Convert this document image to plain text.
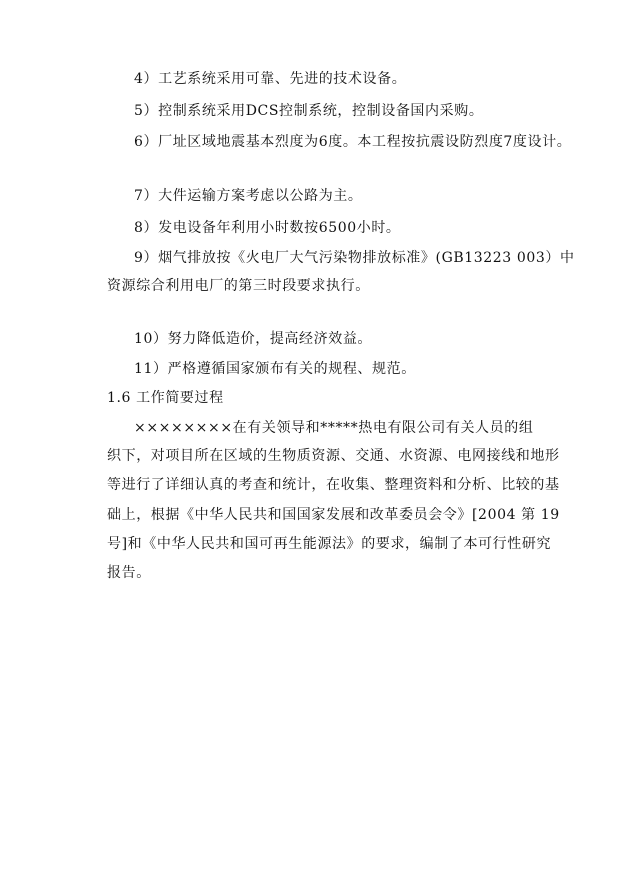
4）工艺系统采用可靠、先进的技术设备。
5）控制系统采用DCS控制系统，控制设备国内采购。
6）厂址区域地震基本烈度为6度。本工程按抗震设防烈度7度设计。
7）大件运输方案考虑以公路为主。
8）发电设备年利用小时数按6500小时。
9）烟气排放按《火电厂大气污染物排放标准》(GB13223 003）中
资源综合利用电厂的第三时段要求执行。
10）努力降低造价，提高经济效益。
11）严格遵循国家颁布有关的规程、规范。
1.6 工作简要过程
××××××××在有关领导和*****热电有限公司有关人员的组
织下，对项目所在区域的生物质资源、交通、水资源、电网接线和地形
等进行了详细认真的考查和统计，在收集、整理资料和分析、比较的基
础上，根据《中华人民共和国国家发展和改革委员会令》[2004 第 19
号]和《中华人民共和国可再生能源法》的要求，编制了本可行性研究
报告。
